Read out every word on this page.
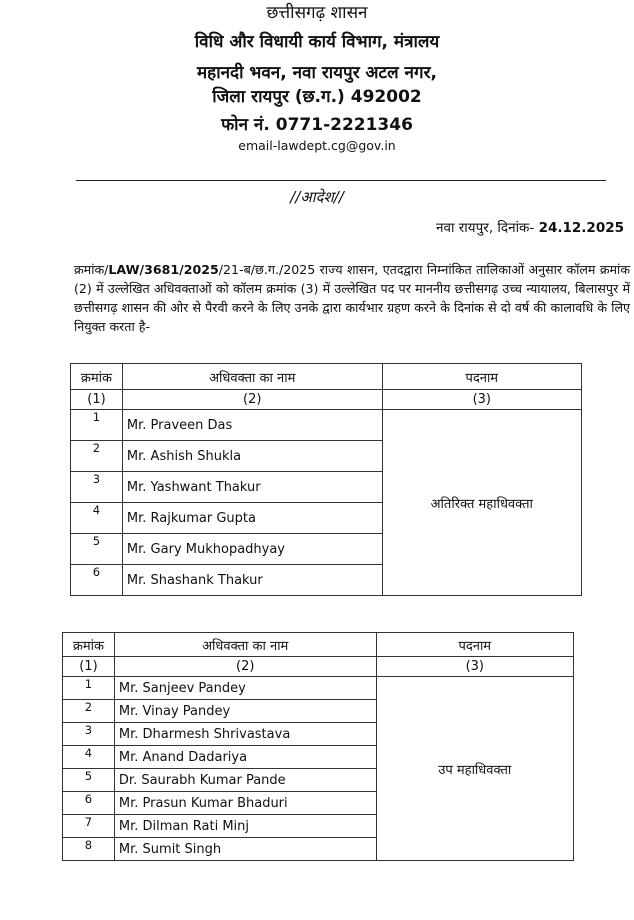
छत्तीसगढ़ शासन
विधि और विधायी कार्य विभाग, मंत्रालय
महानदी भवन, नवा रायपुर अटल नगर,
जिला रायपुर (छ.ग.) 492002
फोन नं. 0771-2221346
email-lawdept.cg@gov.in
//आदेश//
नवा रायपुर, दिनांक- 24.12.2025
क्रमांक/LAW/3681/2025/21-ब/छ.ग./2025 राज्य शासन, एतदद्वारा निम्नांकित तालिकाओं अनुसार कॉलम क्रमांक (2) में उल्लेखित अधिवक्ताओं को कॉलम क्रमांक (3) में उल्लेखित पद पर माननीय छत्तीसगढ़ उच्च न्यायालय, बिलासपुर में छत्तीसगढ़ शासन की ओर से पैरवी करने के लिए उनके द्वारा कार्यभार ग्रहण करने के दिनांक से दो वर्ष की कालावधि के लिए नियुक्त करता है-
क्रमांक	अधिवक्ता का नाम	पदनाम
(1)	(2)	(3)
1	Mr. Praveen Das	अतिरिक्त महाधिवक्ता
2	Mr. Ashish Shukla	
3	Mr. Yashwant Thakur	
4	Mr. Rajkumar Gupta	
5	Mr. Gary Mukhopadhyay	
6	Mr. Shashank Thakur	
क्रमांक	अधिवक्ता का नाम	पदनाम
(1)	(2)	(3)
1	Mr. Sanjeev Pandey	उप महाधिवक्ता
2	Mr. Vinay Pandey	
3	Mr. Dharmesh Shrivastava	
4	Mr. Anand Dadariya	
5	Dr. Saurabh Kumar Pande	
6	Mr. Prasun Kumar Bhaduri	
7	Mr. Dilman Rati Minj	
8	Mr. Sumit Singh	
